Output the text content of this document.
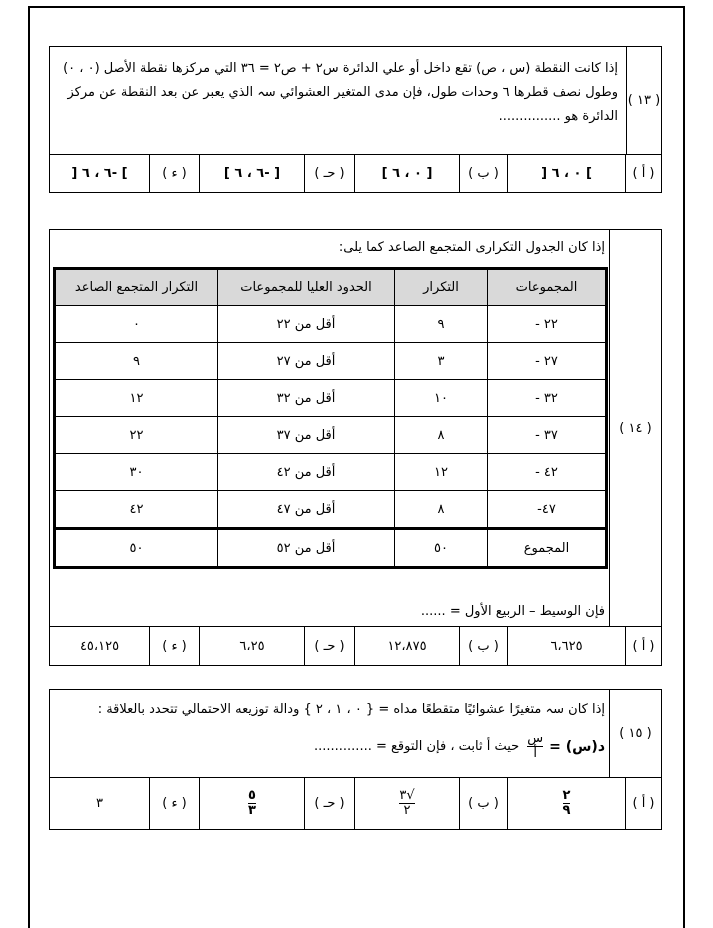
( ١٣ )
إذا كانت النقطة (س ، ص) تقع داخل أو علي الدائرة س٢ + ص٢ = ٣٦ التي مركزها نقطة الأصل (٠ ، ٠)
وطول نصف قطرها ٦ وحدات طول، فإن مدى المتغير العشوائي سہ الذي يعبر عن بعد النقطة عن مركز
الدائرة هو ...............
( أ )
] ٠ ، ٦ [
( ب )
[ ٠ ، ٦ ]
( حـ )
[ -٦ ، ٦ ]
( ء )
] -٦ ، ٦ [
( ١٤ )
إذا كان الجدول التكرارى المتجمع الصاعد كما يلى:
المجموعات	التكرار	الحدود العليا للمجموعات	التكرار المتجمع الصاعد
٢٢ -	٩	أقل من ٢٢	٠
٢٧ -	٣	أقل من ٢٧	٩
٣٢ -	١٠	أقل من ٣٢	١٢
٣٧ -	٨	أقل من ٣٧	٢٢
٤٢ -	١٢	أقل من ٤٢	٣٠
٤٧-	٨	أقل من ٤٧	٤٢
المجموع	٥٠	أقل من ٥٢	٥٠
فإن الوسيط – الربيع الأول = ......
( أ )
٦،٦٢٥
( ب )
١٢،٨٧٥
( حـ )
٦،٢٥
( ء )
٤٥،١٢٥
( ١٥ )
إذا كان سہ متغيرًا عشوائيًا متقطعًا مداه = { ٠ ، ١ ، ٢ } ودالة توزيعه الاحتمالي تتحدد بالعلاقة :
د(س) =
$\frac{\text{س}}{\text{أ}}$
حيث أ ثابت ، فإن التوقع = ..............
( أ )
$\frac{٢}{٩}$
( ب )
$\frac{√٣}{٢}$
( حـ )
$\frac{٥}{٣}$
( ء )
٣
